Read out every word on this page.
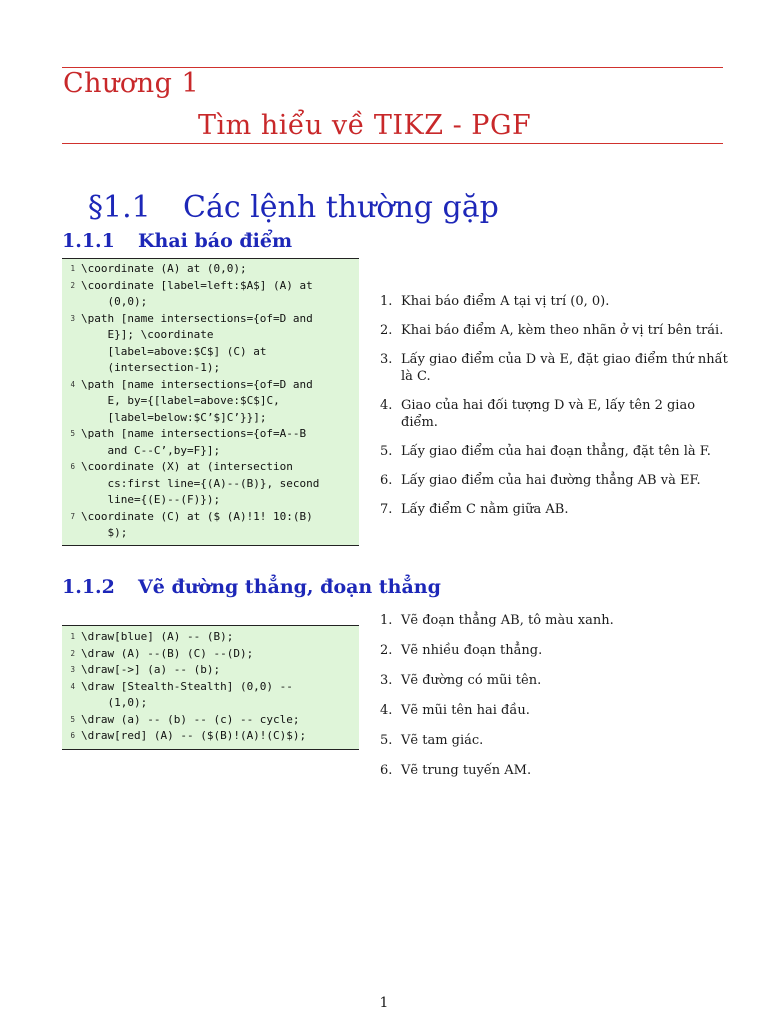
Chương 1
Tìm hiểu về TIKZ - PGF
§1.1 Các lệnh thường gặp
1.1.1 Khai báo điểm
1 \coordinate (A) at (0,0);
2 \coordinate [label=left:$A$] (A) at
(0,0);
3 \path [name intersections={of=D and
E}]; \coordinate
[label=above:$C$] (C) at
(intersection-1);
4 \path [name intersections={of=D and
E, by={[label=above:$C$]C,
[label=below:$C’$]C’}}];
5 \path [name intersections={of=A--B
and C--C’,by=F}];
6 \coordinate (X) at (intersection
cs:first line={(A)--(B)}, second
line={(E)--(F)});
7 \coordinate (C) at ($ (A)!1! 10:(B)
$);
1. Khai báo điểm A tại vị trí (0, 0).
2. Khai báo điểm A, kèm theo nhãn ở vị trí bên trái.
3. Lấy giao điểm của D và E, đặt giao điểm thứ nhất là C.
4. Giao của hai đối tượng D và E, lấy tên 2 giao điểm.
5. Lấy giao điểm của hai đoạn thẳng, đặt tên là F.
6. Lấy giao điểm của hai đường thẳng AB và EF.
7. Lấy điểm C nằm giữa AB.
1.1.2 Vẽ đường thẳng, đoạn thẳng
1 \draw[blue] (A) -- (B);
2 \draw (A) --(B) (C) --(D);
3 \draw[->] (a) -- (b);
4 \draw [Stealth-Stealth] (0,0) --
(1,0);
5 \draw (a) -- (b) -- (c) -- cycle;
6 \draw[red] (A) -- ($(B)!(A)!(C)$);
1. Vẽ đoạn thẳng AB, tô màu xanh.
2. Vẽ nhiều đoạn thẳng.
3. Vẽ đường có mũi tên.
4. Vẽ mũi tên hai đầu.
5. Vẽ tam giác.
6. Vẽ trung tuyến AM.
1
